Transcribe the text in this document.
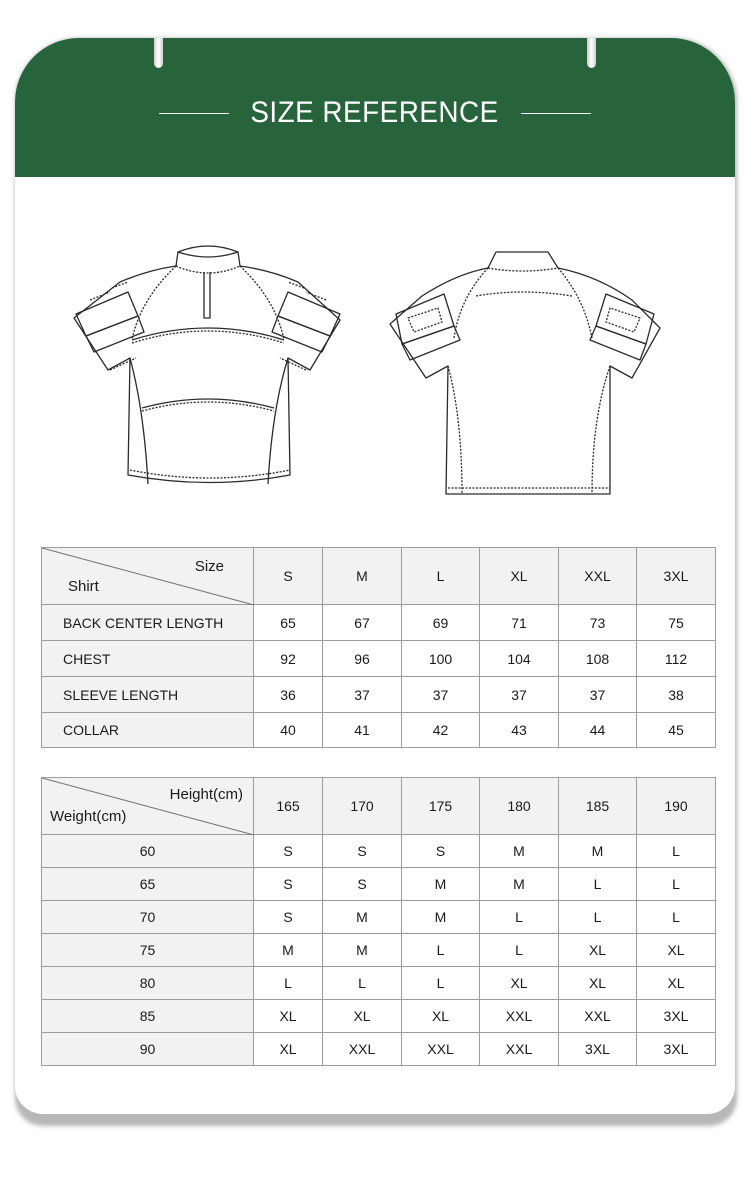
SIZE REFERENCE
Size
Shirt	S	M	L	XL	XXL	3XL
BACK CENTER LENGTH	65	67	69	71	73	75
CHEST	92	96	100	104	108	112
SLEEVE LENGTH	36	37	37	37	37	38
COLLAR	40	41	42	43	44	45
Height(cm)
Weight(cm)	165	170	175	180	185	190
60	S	S	S	M	M	L
65	S	S	M	M	L	L
70	S	M	M	L	L	L
75	M	M	L	L	XL	XL
80	L	L	L	XL	XL	XL
85	XL	XL	XL	XXL	XXL	3XL
90	XL	XXL	XXL	XXL	3XL	3XL
